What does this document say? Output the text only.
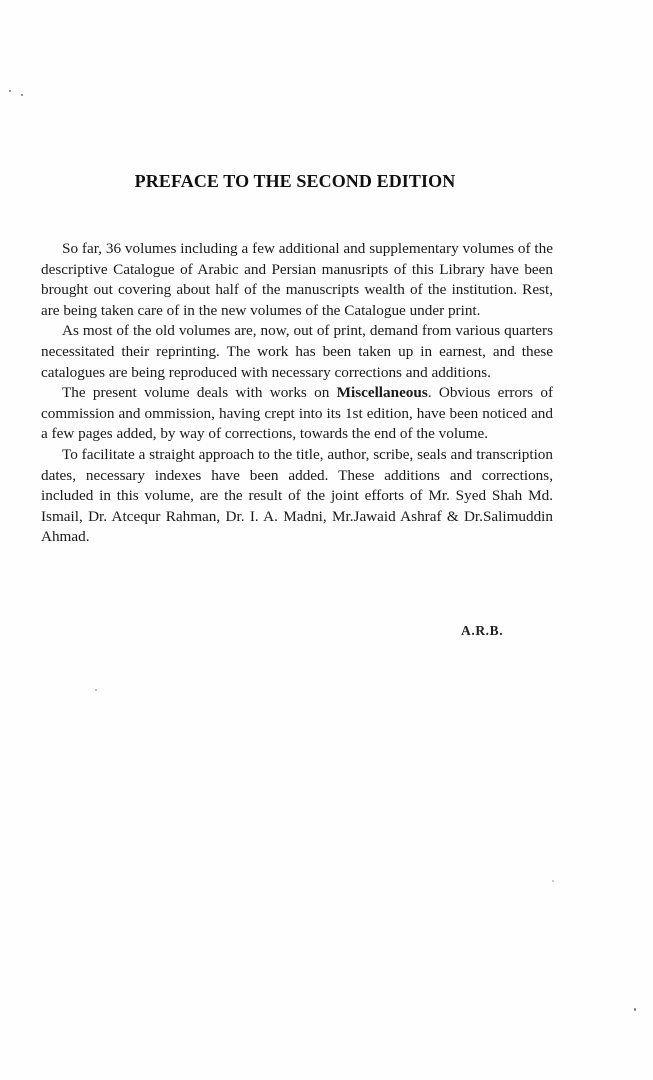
PREFACE TO THE SECOND EDITION

So far, 36 volumes including a few additional and supplementary volumes of the descriptive Catalogue of Arabic and Persian manusripts of this Library have been brought out covering about half of the manuscripts wealth of the institution. Rest, are being taken care of in the new volumes of the Catalogue under print.

As most of the old volumes are, now, out of print, demand from various quarters necessitated their reprinting. The work has been taken up in earnest, and these catalogues are being reproduced with necessary corrections and additions.

The present volume deals with works on Miscellaneous. Obvious errors of commission and ommission, having crept into its 1st edition, have been noticed and a few pages added, by way of corrections, towards the end of the volume.

To facilitate a straight approach to the title, author, scribe, seals and transcription dates, necessary indexes have been added. These additions and corrections, included in this volume, are the result of the joint efforts of Mr. Syed Shah Md. Ismail, Dr. Atcequr Rahman, Dr. I. A. Madni, Mr.Jawaid Ashraf & Dr.Salimuddin Ahmad.

A.R.B.
